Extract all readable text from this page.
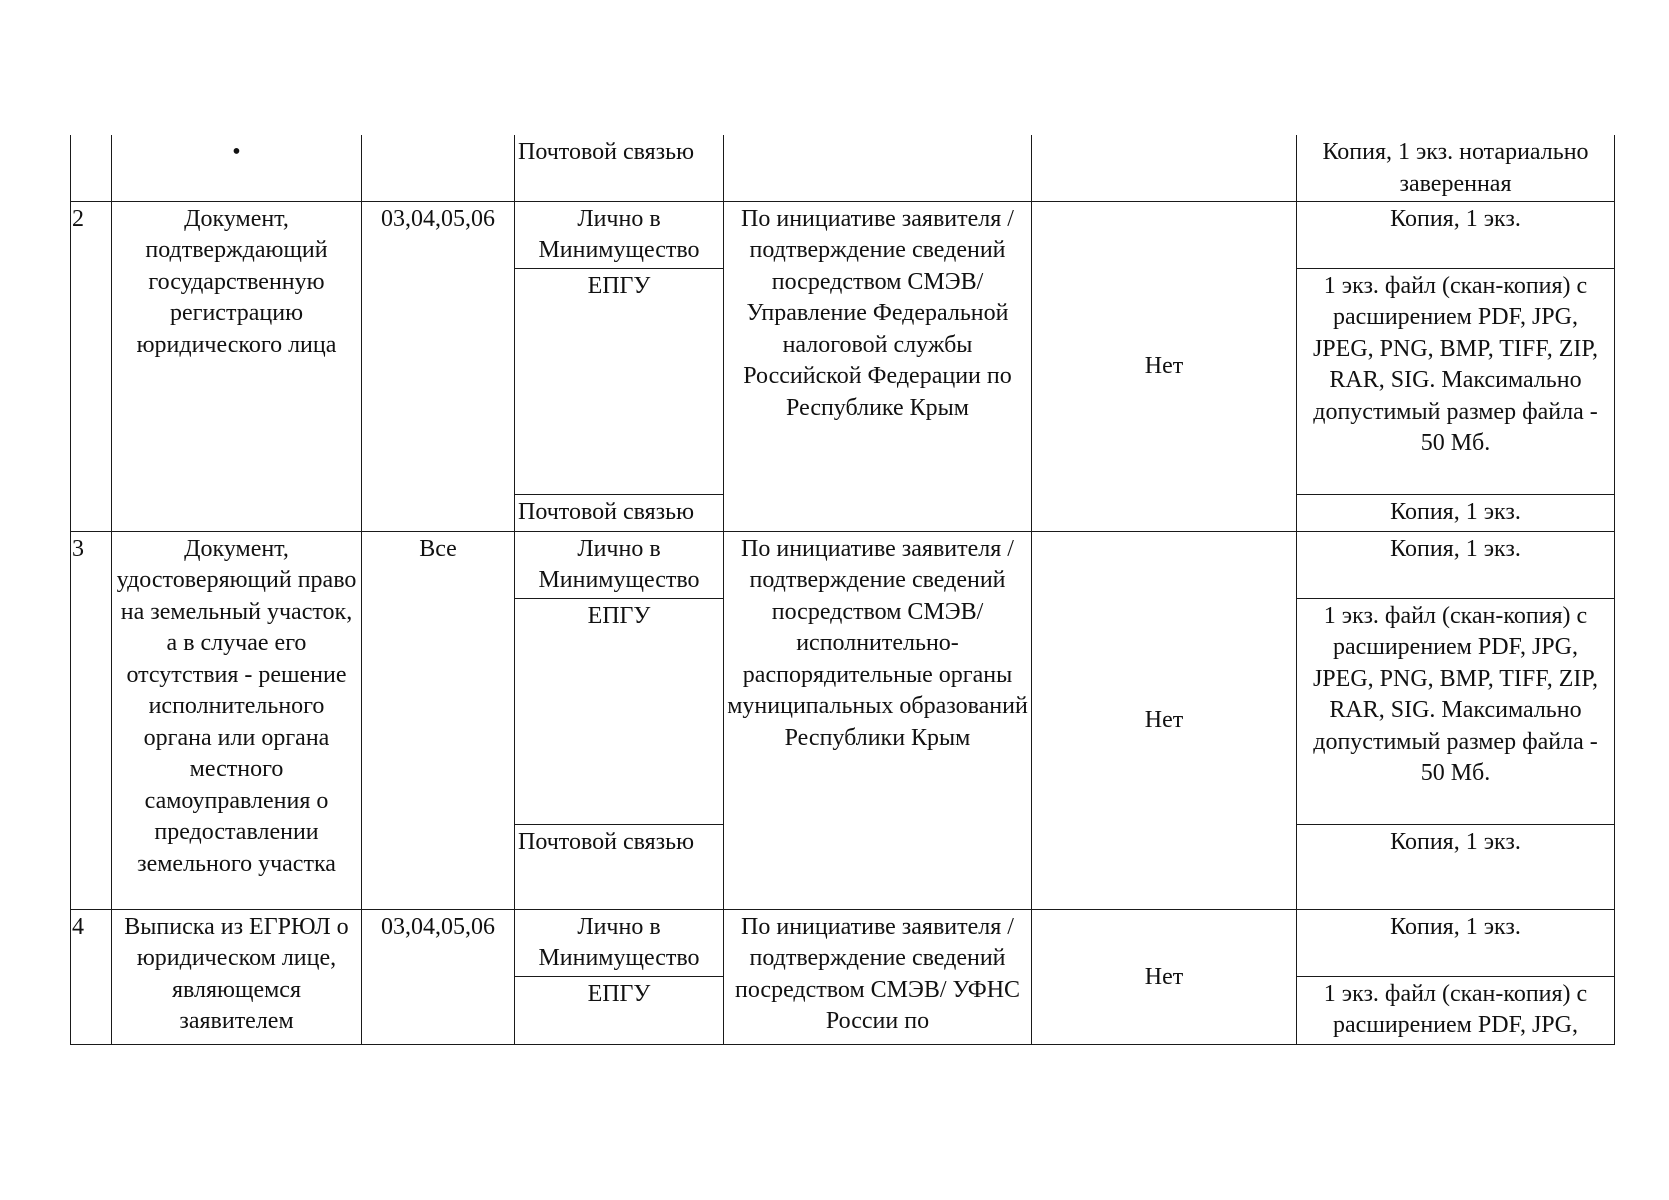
	•		Почтовой связью			Копия, 1 экз. нотариально заверенная
2	Документ, подтверждающий государственную регистрацию юридического лица	03,04,05,06	Лично в Минимущество	По инициативе заявителя / подтверждение сведений посредством СМЭВ/ Управление Федеральной налоговой службы Российской Федерации по Республике Крым	Нет	Копия, 1 экз.
			ЕПГУ			1 экз. файл (скан-копия) с расширением PDF, JPG, JPEG, PNG, BMP, TIFF, ZIP, RAR, SIG. Максимально допустимый размер файла - 50 Мб.
			Почтовой связью			Копия, 1 экз.
3	Документ, удостоверяющий право на земельный участок, а в случае его отсутствия - решение исполнительного органа или органа местного самоуправления о предоставлении земельного участка	Все	Лично в Минимущество	По инициативе заявителя / подтверждение сведений посредством СМЭВ/ исполнительно-распорядительные органы муниципальных образований Республики Крым	Нет	Копия, 1 экз.
			ЕПГУ			1 экз. файл (скан-копия) с расширением PDF, JPG, JPEG, PNG, BMP, TIFF, ZIP, RAR, SIG. Максимально допустимый размер файла - 50 Мб.
			Почтовой связью			Копия, 1 экз.
4	Выписка из ЕГРЮЛ о юридическом лице, являющемся заявителем	03,04,05,06	Лично в Минимущество	По инициативе заявителя / подтверждение сведений посредством СМЭВ/ УФНС России по	Нет	Копия, 1 экз.
			ЕПГУ			1 экз. файл (скан-копия) с расширением PDF, JPG,
